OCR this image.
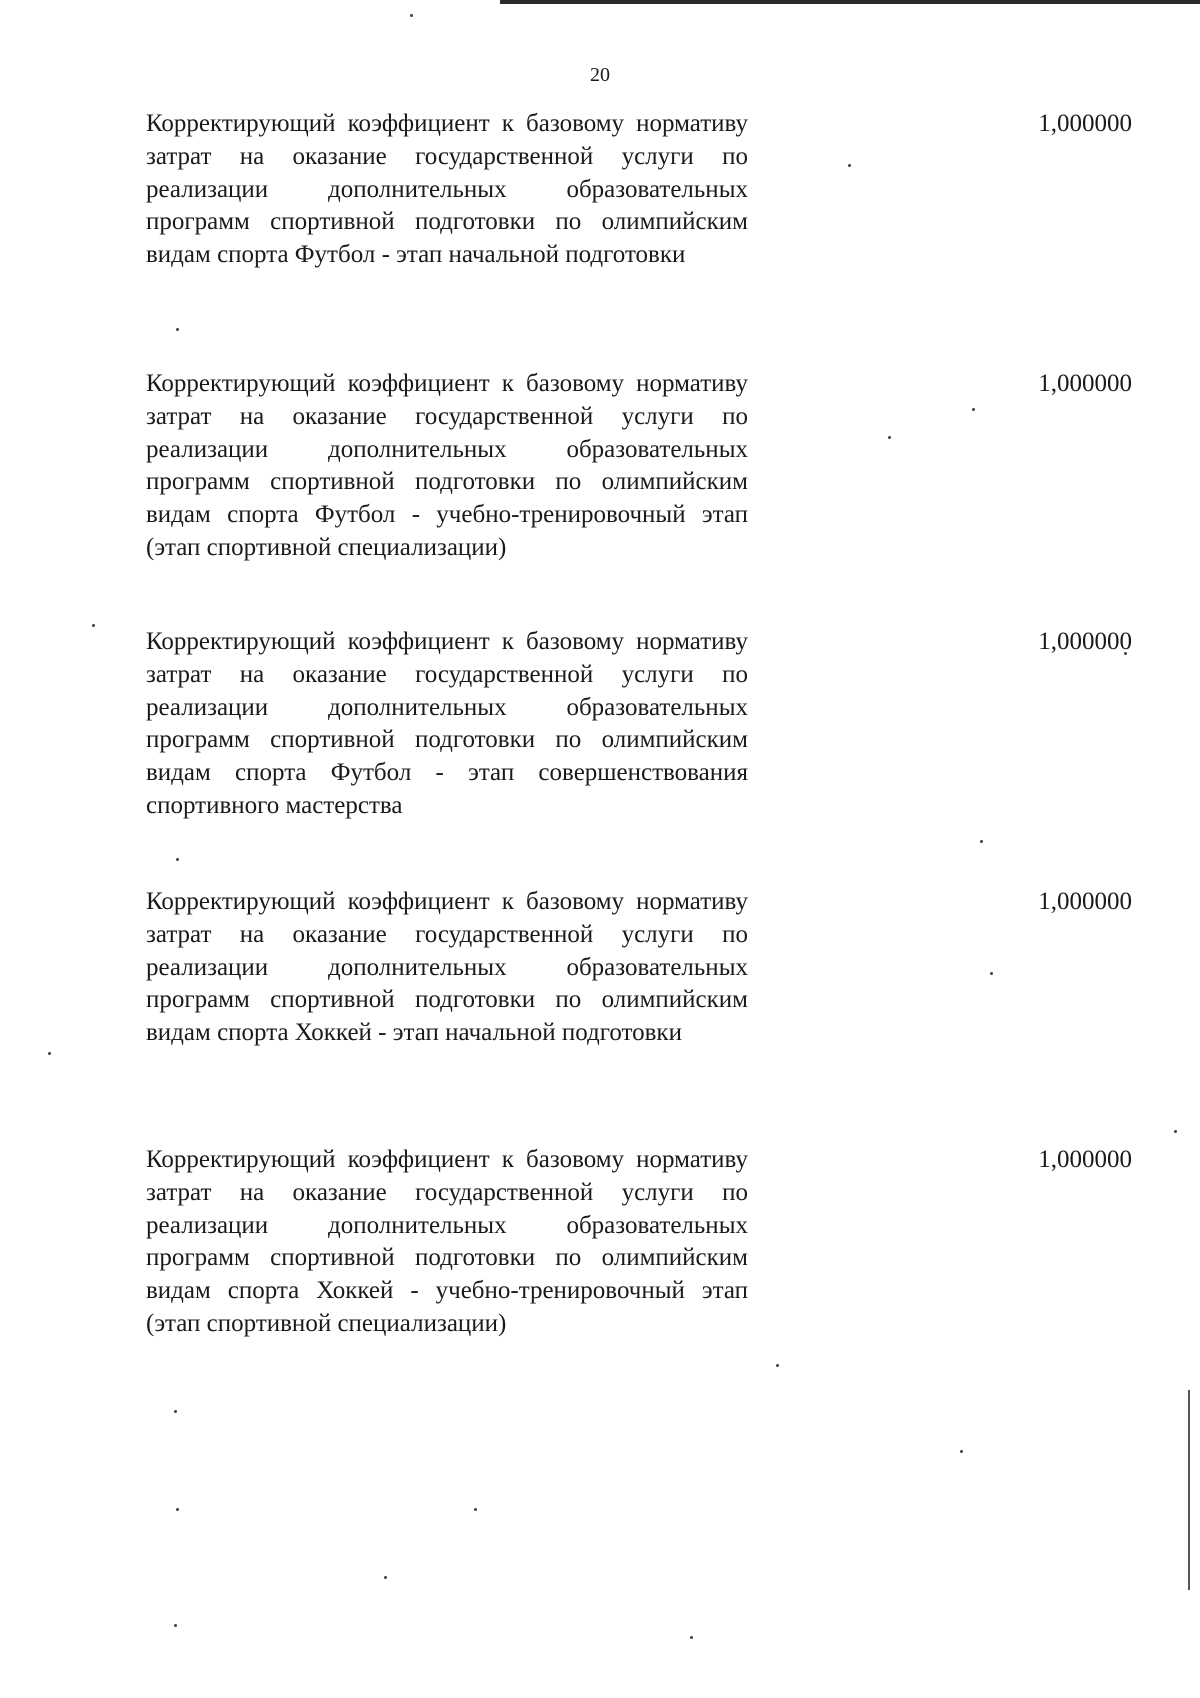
20

Корректирующий коэффициент к базовому нормативу затрат на оказание государственной услуги по реализации дополнительных образовательных программ спортивной подготовки по олимпийским видам спорта Футбол - этап начальной подготовки

1,000000

Корректирующий коэффициент к базовому нормативу затрат на оказание государственной услуги по реализации дополнительных образовательных программ спортивной подготовки по олимпийским видам спорта Футбол - учебно-тренировочный этап (этап спортивной специализации)

1,000000

Корректирующий коэффициент к базовому нормативу затрат на оказание государственной услуги по реализации дополнительных образовательных программ спортивной подготовки по олимпийским видам спорта Футбол - этап совершенствования спортивного мастерства

1,000000

Корректирующий коэффициент к базовому нормативу затрат на оказание государственной услуги по реализации дополнительных образовательных программ спортивной подготовки по олимпийским видам спорта Хоккей - этап начальной подготовки

1,000000

Корректирующий коэффициент к базовому нормативу затрат на оказание государственной услуги по реализации дополнительных образовательных программ спортивной подготовки по олимпийским видам спорта Хоккей - учебно-тренировочный этап (этап спортивной специализации)

1,000000
